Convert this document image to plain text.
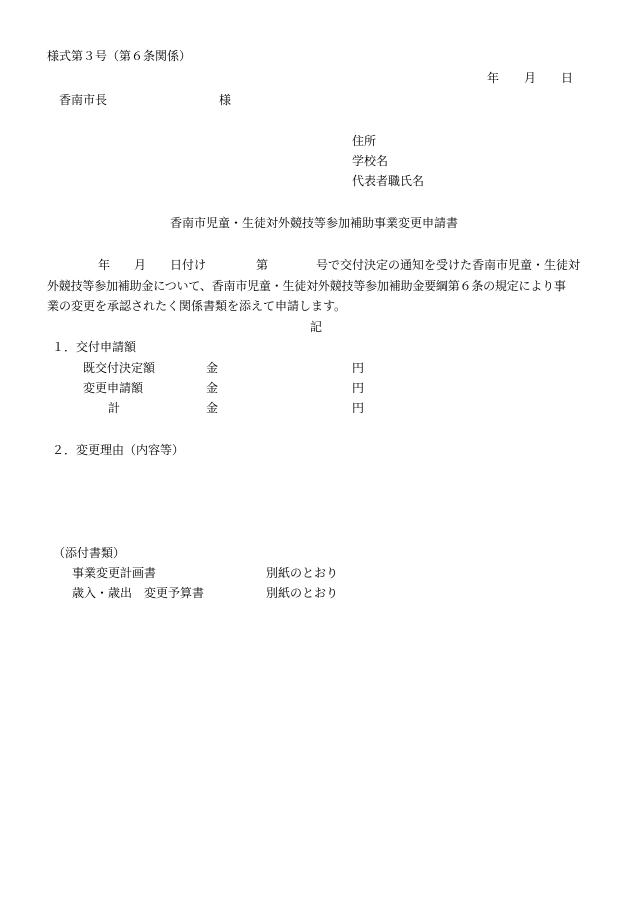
様式第３号（第６条関係）
年 月 日
香南市長	様
住所
学校名
代表者職氏名
香南市児童・生徒対外競技等参加補助事業変更申請書
年 月 日付け	第	号で交付決定の通知を受けた香南市児童・生徒対
外競技等参加補助金について、香南市児童・生徒対外競技等参加補助金要綱第６条の規定により事
業の変更を承認されたく関係書類を添えて申請します。
記
１．交付申請額
既交付決定額	金	円
変更申請額	金	円
計	金	円
２．変更理由（内容等）
（添付書類）
事業変更計画書	別紙のとおり
歳入・歳出　変更予算書	別紙のとおり
